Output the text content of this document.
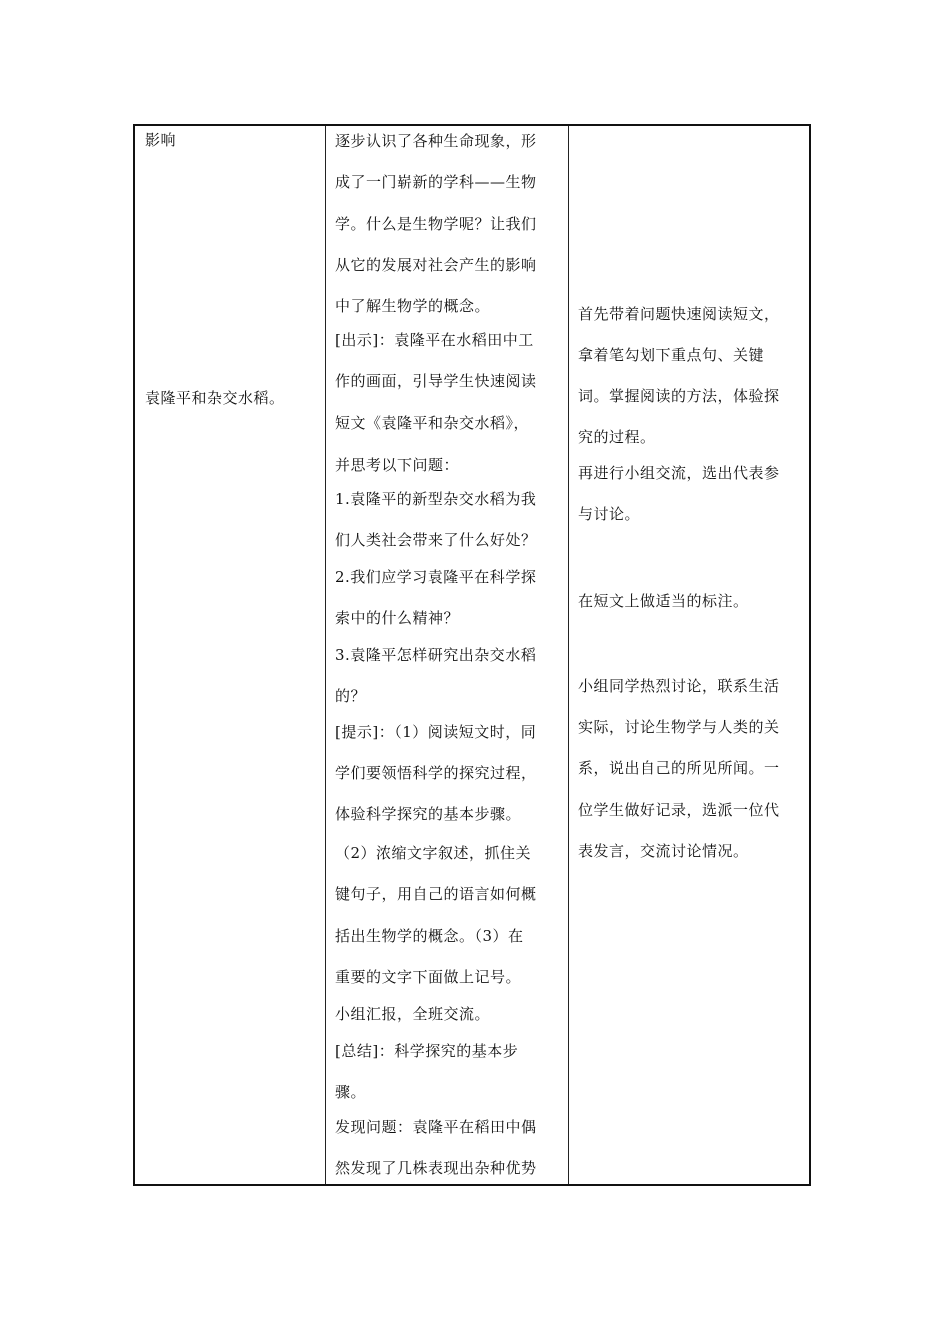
影响
袁隆平和杂交水稻。

逐步认识了各种生命现象，形
成了一门崭新的学科——生物
学。什么是生物学呢？让我们
从它的发展对社会产生的影响
中了解生物学的概念。
[出示]：袁隆平在水稻田中工
作的画面，引导学生快速阅读
短文《袁隆平和杂交水稻》，
并思考以下问题：
1.袁隆平的新型杂交水稻为我
们人类社会带来了什么好处？
2.我们应学习袁隆平在科学探
索中的什么精神？
3.袁隆平怎样研究出杂交水稻
的？
[提示]：（1）阅读短文时，同
学们要领悟科学的探究过程，
体验科学探究的基本步骤。
（2）浓缩文字叙述，抓住关
键句子，用自己的语言如何概
括出生物学的概念。（3）在
重要的文字下面做上记号。
小组汇报，全班交流。
[总结]：科学探究的基本步
骤。
发现问题：袁隆平在稻田中偶
然发现了几株表现出杂种优势

首先带着问题快速阅读短文，
拿着笔勾划下重点句、关键
词。掌握阅读的方法，体验探
究的过程。
再进行小组交流，选出代表参
与讨论。
在短文上做适当的标注。
小组同学热烈讨论，联系生活
实际，讨论生物学与人类的关
系，说出自己的所见所闻。一
位学生做好记录，选派一位代
表发言，交流讨论情况。
